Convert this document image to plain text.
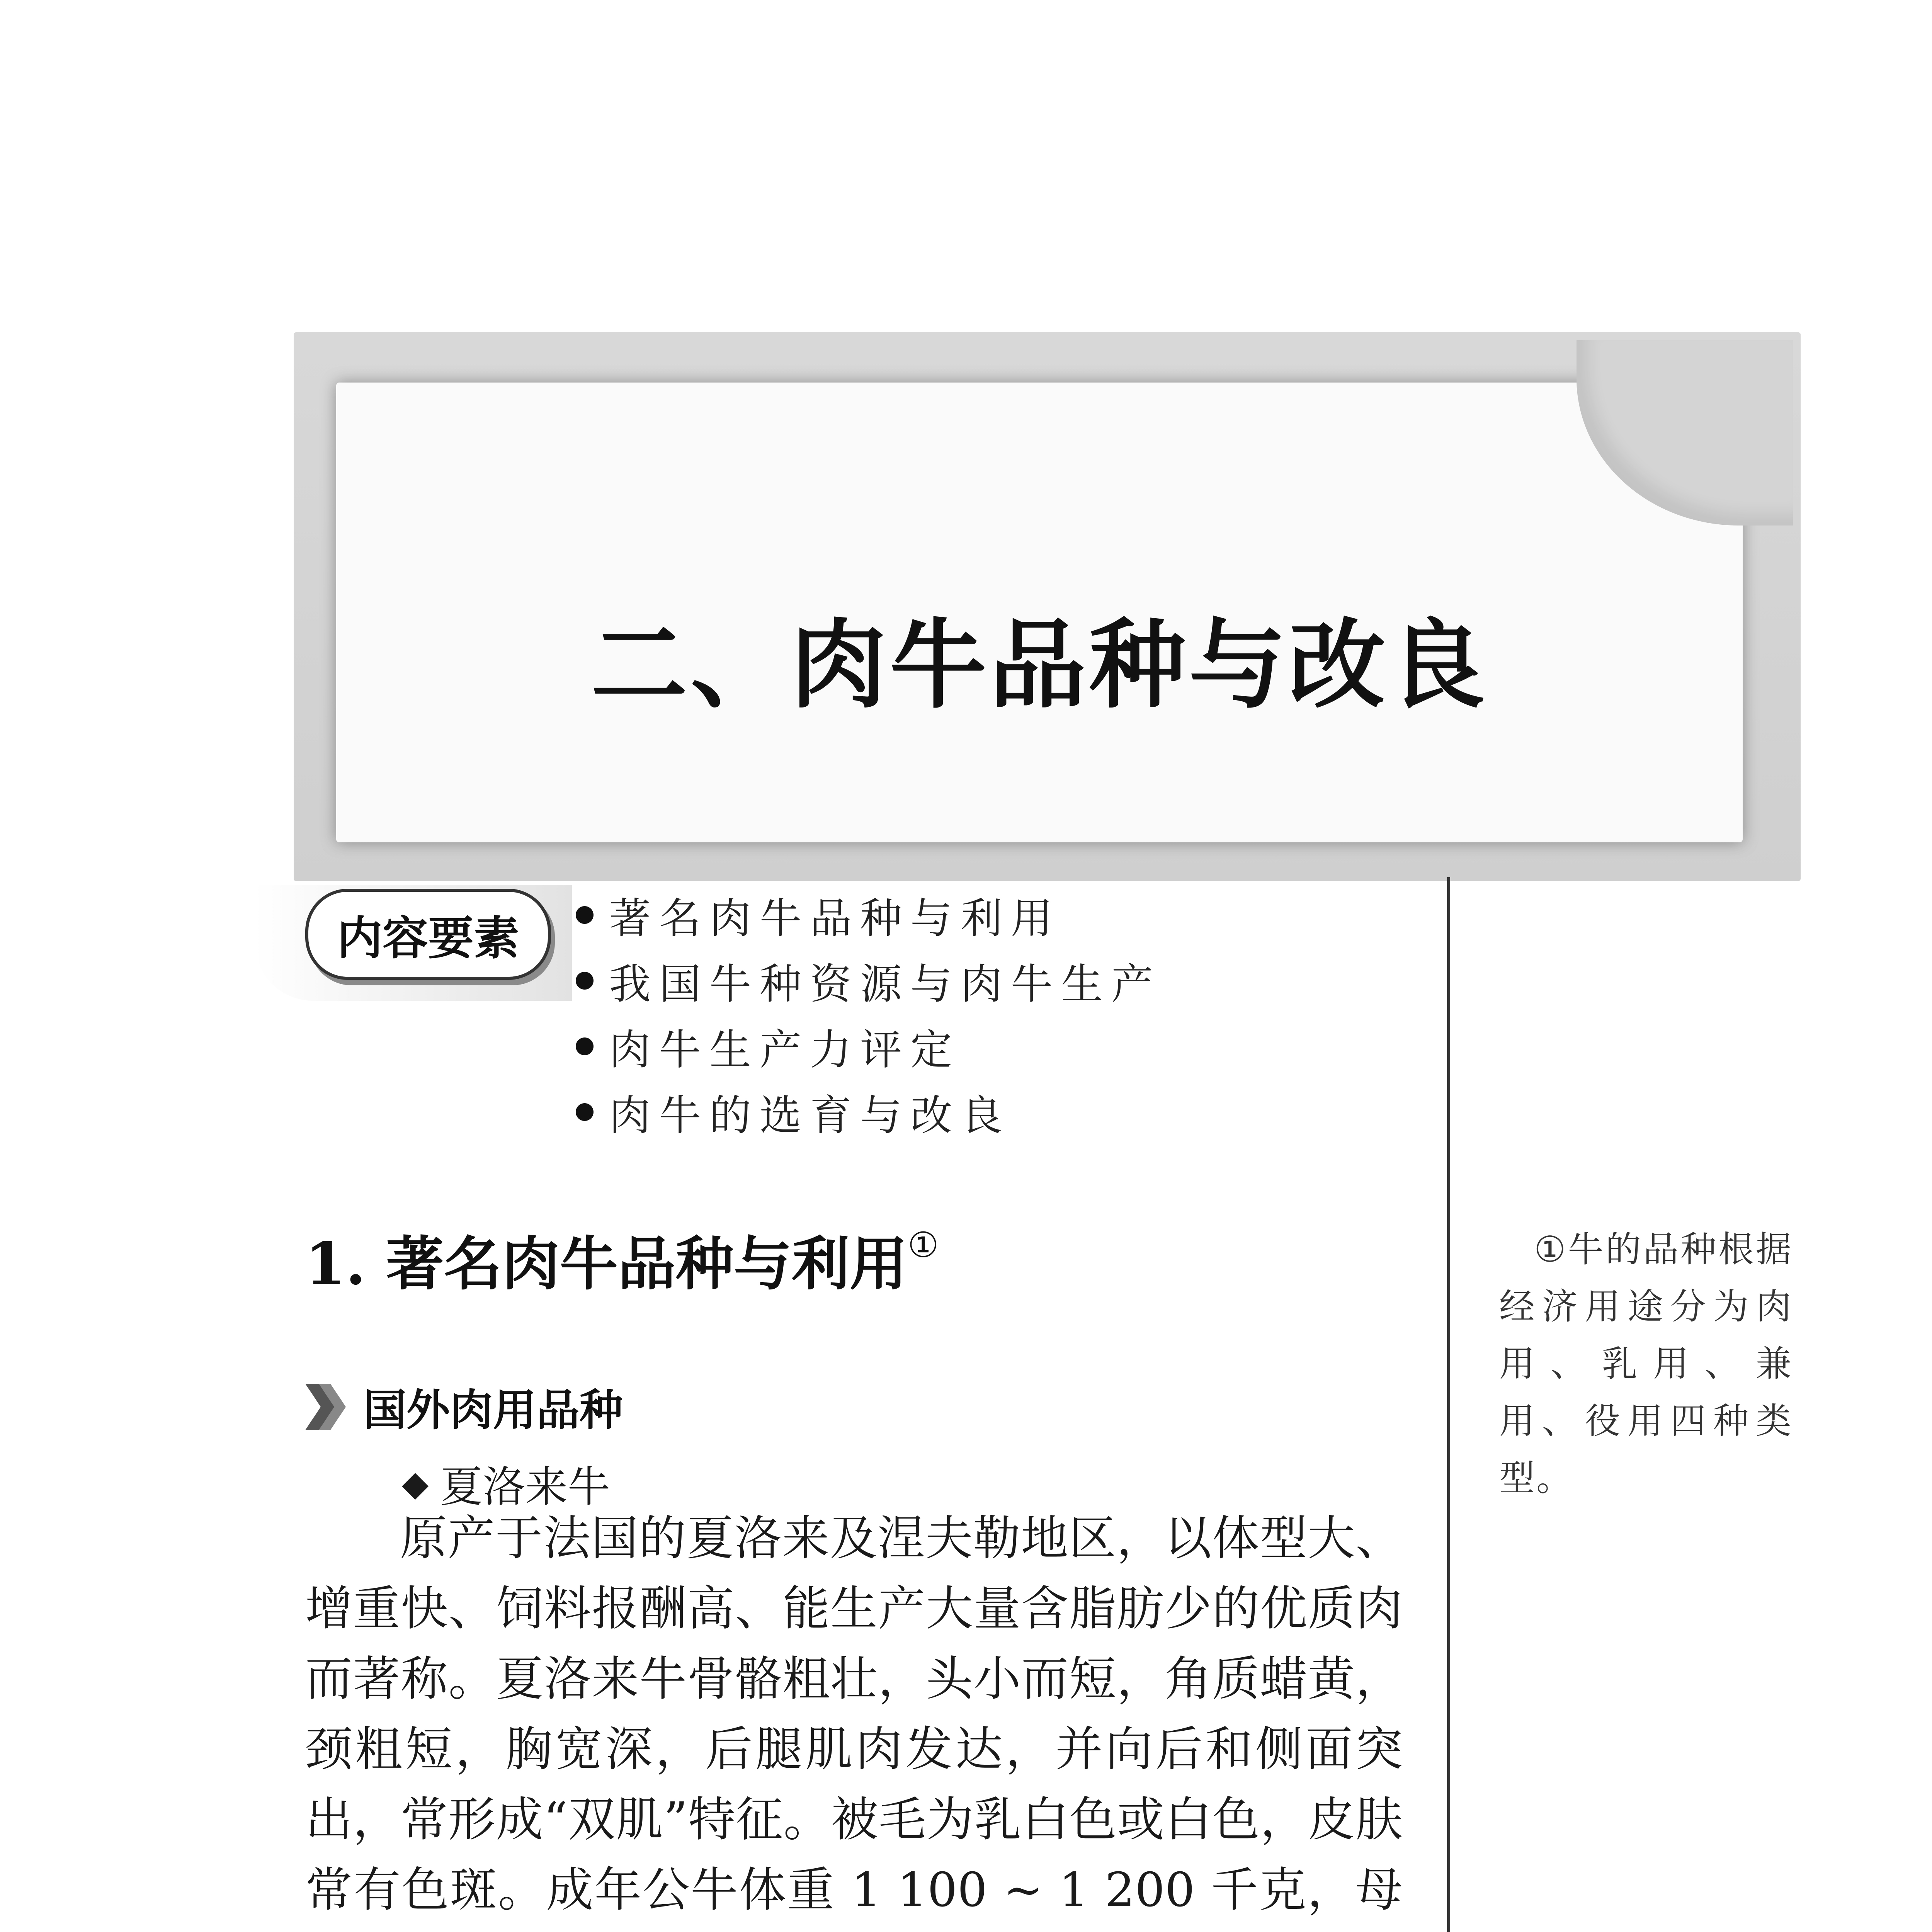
二、肉牛品种与改良
内容要素	著名肉牛品种与利用
我国牛种资源与肉牛生产
肉牛生产力评定
肉牛的选育与改良
1. 著名肉牛品种与利用①
国外肉用品种
◆ 夏洛来牛

原产于法国的夏洛来及涅夫勒地区，以体型大、增重快、饲料报酬高、能生产大量含脂肪少的优质肉而著称。夏洛来牛骨骼粗壮，头小而短，角质蜡黄，颈粗短，胸宽深，后腿肌肉发达，并向后和侧面突出，常形成“双肌”特征。被毛为乳白色或白色，皮肤常有色斑。成年公牛体重 1 100 ~ 1 200 千克，母

①牛的品种根据经济用途分为肉用、乳用、兼用、役用四种类型。
